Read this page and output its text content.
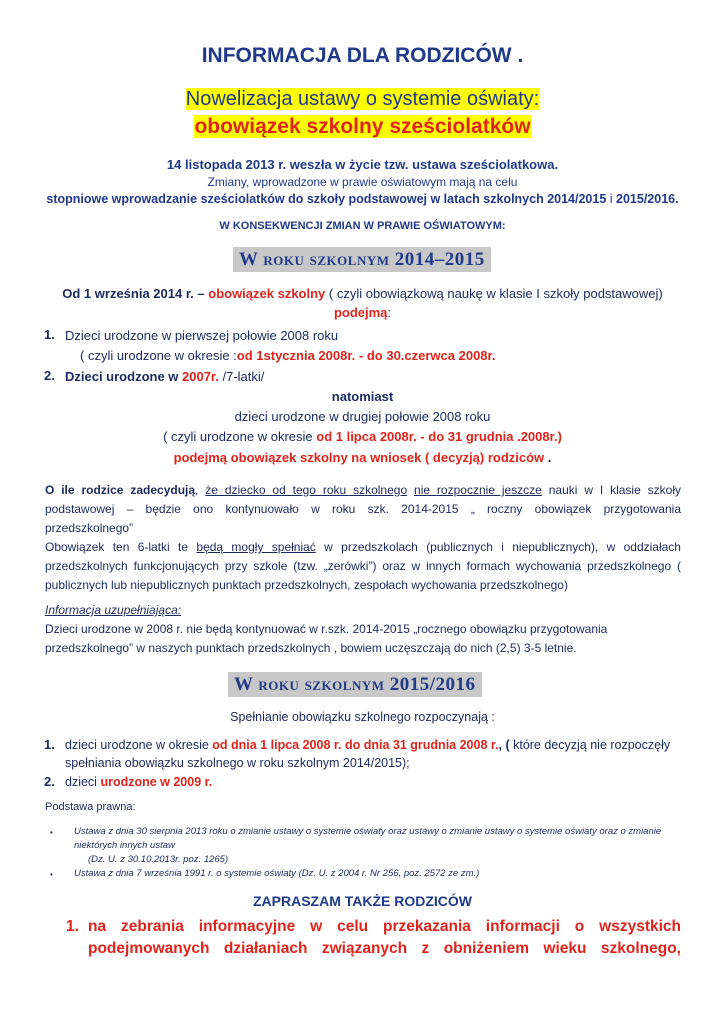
INFORMACJA DLA RODZICÓW .
Nowelizacja ustawy o systemie oświaty:
obowiązek szkolny sześciolatków
14 listopada 2013 r. weszła w życie tzw. ustawa sześciolatkowa.
Zmiany, wprowadzone w prawie oświatowym mają na celu
stopniowe wprowadzanie sześciolatków do szkoły podstawowej w latach szkolnych 2014/2015 i 2015/2016.
W KONSEKWENCJI ZMIAN W PRAWIE OŚWIATOWYM:
W roku szkolnym 2014–2015
Od 1 września 2014 r. – obowiązek szkolny ( czyli obowiązkową naukę w klasie I szkoły podstawowej)
podejmą:
1. Dzieci urodzone w pierwszej połowie 2008 roku
( czyli urodzone w okresie :od 1stycznia 2008r. - do 30.czerwca 2008r.
2. Dzieci urodzone w 2007r. /7-latki/
natomiast
dzieci urodzone w drugiej połowie 2008 roku
( czyli urodzone w okresie od 1 lipca 2008r. - do 31 grudnia .2008r.)
podejmą obowiązek szkolny na wniosek ( decyzją) rodziców .
O ile rodzice zadecydują, że dziecko od tego roku szkolnego nie rozpocznie jeszcze nauki w I klasie szkoły
podstawowej – będzie ono kontynuowało w roku szk. 2014-2015 „ roczny obowiązek przygotowania
przedszkolnego”
Obowiązek ten 6-latki te będą mogły spełniać w przedszkolach (publicznych i niepublicznych), w oddziałach
przedszkolnych funkcjonujących przy szkole (tzw. „zerówki”) oraz w innych formach wychowania przedszkolnego (
publicznych lub niepublicznych punktach przedszkolnych, zespołach wychowania przedszkolnego)
Informacja uzupełniająca:
Dzieci urodzone w 2008 r. nie będą kontynuować w r.szk. 2014-2015 „rocznego obowiązku przygotowania
przedszkolnego” w naszych punktach przedszkolnych , bowiem uczęszczają do nich (2,5) 3-5 letnie.
W roku szkolnym 2015/2016
Spełnianie obowiązku szkolnego rozpoczynają :
1. dzieci urodzone w okresie od dnia 1 lipca 2008 r. do dnia 31 grudnia 2008 r., ( które decyzją nie rozpoczęły
spełniania obowiązku szkolnego w roku szkolnym 2014/2015);
2. dzieci urodzone w 2009 r.
Podstawa prawna:
• Ustawa z dnia 30 sierpnia 2013 roku o zmianie ustawy o systemie oświaty oraz ustawy o zmianie ustawy o systemie oświaty oraz o zmianie
niektórych innych ustaw
(Dz. U. z 30.10.2013r. poz. 1265)
• Ustawa z dnia 7 września 1991 r. o systemie oświaty (Dz. U. z 2004 r. Nr 256, poz. 2572 ze zm.)
ZAPRASZAM TAKŻE RODZICÓW
1. na zebrania informacyjne w celu przekazania informacji o wszystkich
podejmowanych działaniach związanych z obniżeniem wieku szkolnego,
